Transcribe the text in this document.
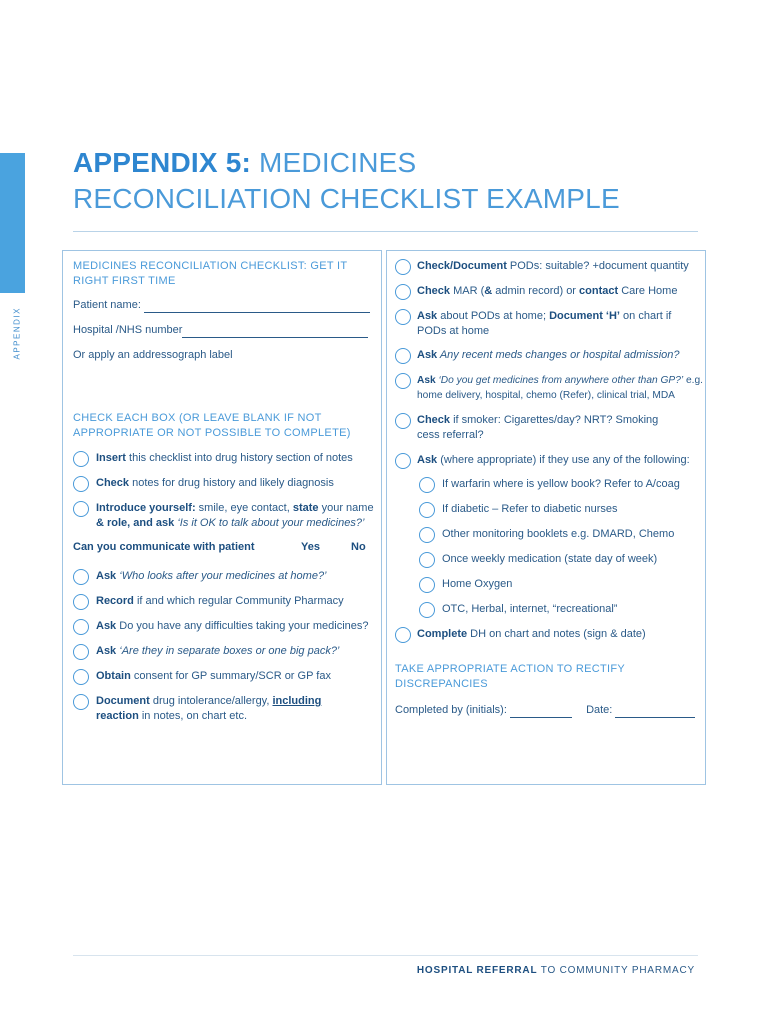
APPENDIX
APPENDIX 5: MEDICINES
RECONCILIATION CHECKLIST EXAMPLE
MEDICINES RECONCILIATION CHECKLIST: GET IT
RIGHT FIRST TIME
Patient name:
Hospital /NHS number
Or apply an addressograph label
CHECK EACH BOX (OR LEAVE BLANK IF NOT
APPROPRIATE OR NOT POSSIBLE TO COMPLETE)
Insert this checklist into drug history section of notes
Check notes for drug history and likely diagnosis
Introduce yourself: smile, eye contact, state your name
& role, and ask ‘Is it OK to talk about your medicines?’
Can you communicate with patient	Yes	No
Ask ‘Who looks after your medicines at home?’
Record if and which regular Community Pharmacy
Ask Do you have any difficulties taking your medicines?
Ask ‘Are they in separate boxes or one big pack?’
Obtain consent for GP summary/SCR or GP fax
Document drug intolerance/allergy, including
reaction in notes, on chart etc.
Check/Document PODs: suitable? +document quantity
Check MAR (& admin record) or contact Care Home
Ask about PODs at home; Document ‘H’ on chart if
PODs at home
Ask Any recent meds changes or hospital admission?
Ask ‘Do you get medicines from anywhere other than GP?’ e.g.
home delivery, hospital, chemo (Refer), clinical trial, MDA
Check if smoker: Cigarettes/day? NRT? Smoking
cess referral?
Ask (where appropriate) if they use any of the following:
If warfarin where is yellow book? Refer to A/coag
If diabetic – Refer to diabetic nurses
Other monitoring booklets e.g. DMARD, Chemo
Once weekly medication (state day of week)
Home Oxygen
OTC, Herbal, internet, “recreational”
Complete DH on chart and notes (sign & date)
TAKE APPROPRIATE ACTION TO RECTIFY
DISCREPANCIES
Completed by (initials):	Date:
HOSPITAL REFERRAL TO COMMUNITY PHARMACY
